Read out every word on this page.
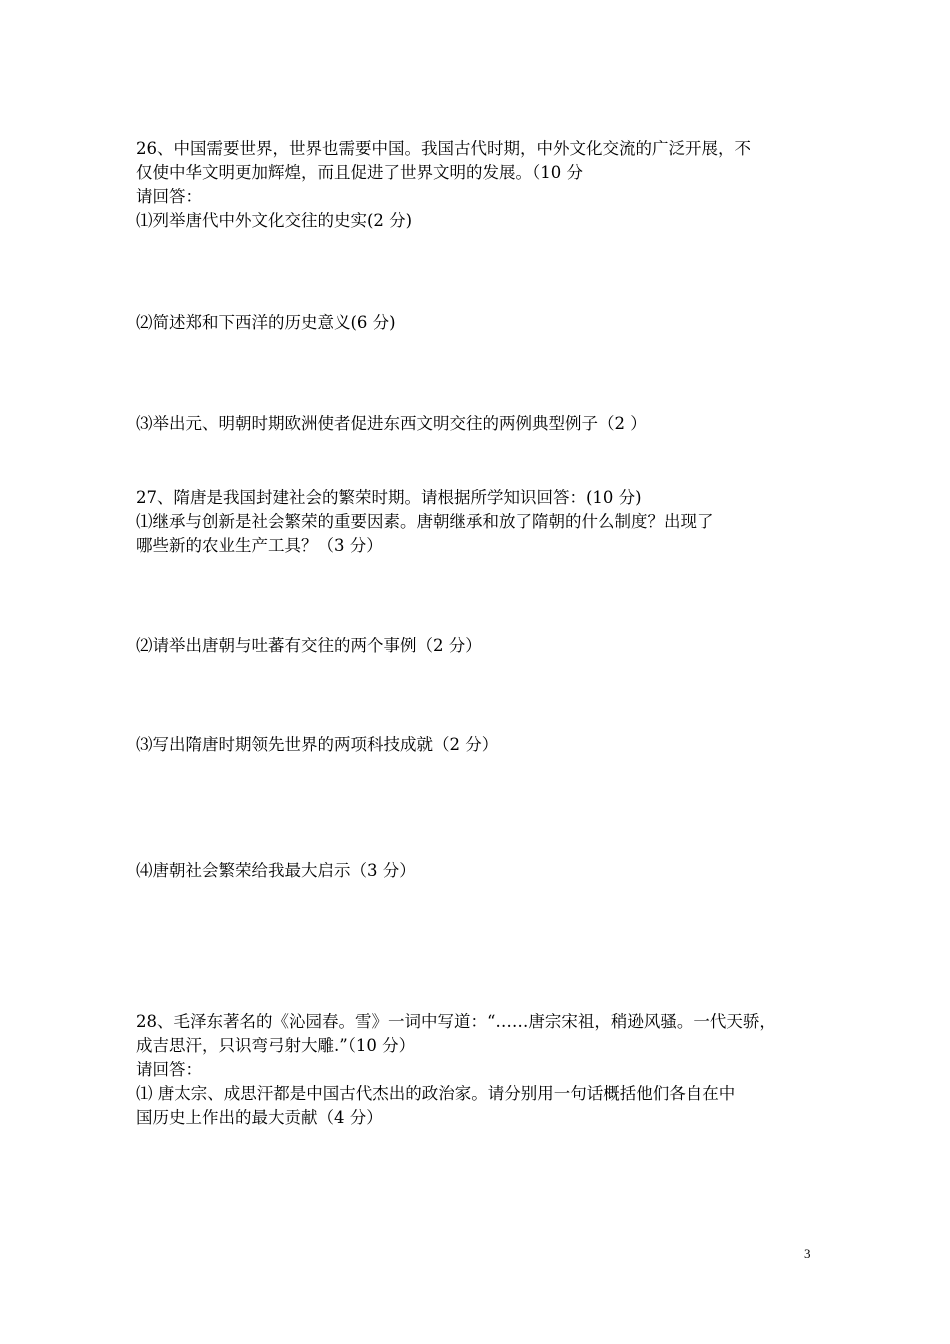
26、中国需要世界，世界也需要中国。我国古代时期，中外文化交流的广泛开展，不
仅使中华文明更加辉煌，而且促进了世界文明的发展。（10 分
请回答：
⑴列举唐代中外文化交往的史实(2 分)
⑵简述郑和下西洋的历史意义(6 分)
⑶举出元、明朝时期欧洲使者促进东西文明交往的两例典型例子（2 ）
27、隋唐是我国封建社会的繁荣时期。请根据所学知识回答：(10 分)
⑴继承与创新是社会繁荣的重要因素。唐朝继承和放了隋朝的什么制度？出现了
哪些新的农业生产工具？（3 分）
⑵请举出唐朝与吐蕃有交往的两个事例（2 分）
⑶写出隋唐时期领先世界的两项科技成就（2 分）
⑷唐朝社会繁荣给我最大启示（3 分）
28、毛泽东著名的《沁园春。雪》一词中写道：“……唐宗宋祖，稍逊风骚。一代天骄，
成吉思汗，只识弯弓射大雕.”（10 分）
请回答：
⑴ 唐太宗、成思汗都是中国古代杰出的政治家。请分别用一句话概括他们各自在中
国历史上作出的最大贡献（4 分）
3
